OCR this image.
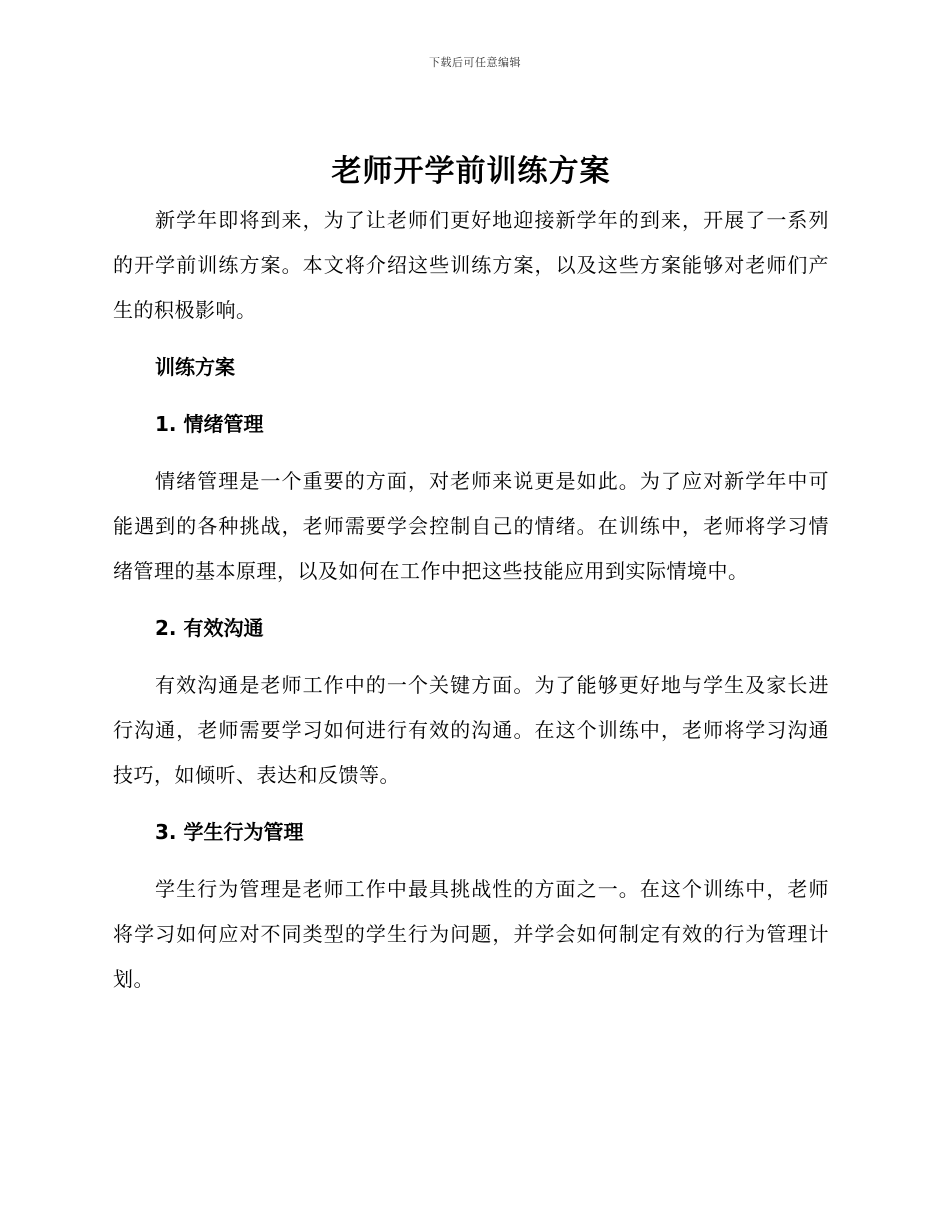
下载后可任意编辑
老师开学前训练方案

新学年即将到来，为了让老师们更好地迎接新学年的到来，开展了一系列的开学前训练方案。本文将介绍这些训练方案，以及这些方案能够对老师们产生的积极影响。

训练方案
1. 情绪管理

情绪管理是一个重要的方面，对老师来说更是如此。为了应对新学年中可能遇到的各种挑战，老师需要学会控制自己的情绪。在训练中，老师将学习情绪管理的基本原理，以及如何在工作中把这些技能应用到实际情境中。

2. 有效沟通

有效沟通是老师工作中的一个关键方面。为了能够更好地与学生及家长进行沟通，老师需要学习如何进行有效的沟通。在这个训练中，老师将学习沟通技巧，如倾听、表达和反馈等。

3. 学生行为管理

学生行为管理是老师工作中最具挑战性的方面之一。在这个训练中，老师将学习如何应对不同类型的学生行为问题，并学会如何制定有效的行为管理计划。
